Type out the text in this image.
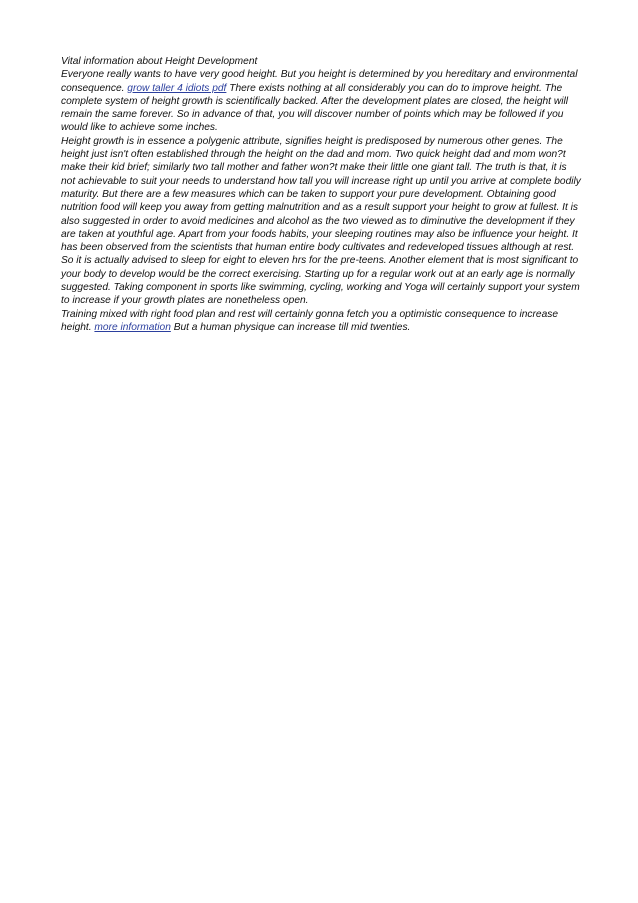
Vital information about Height Development

Everyone really wants to have very good height. But you height is determined by you hereditary and environmental consequence. grow taller 4 idiots pdf There exists nothing at all considerably you can do to improve height. The complete system of height growth is scientifically backed. After the development plates are closed, the height will remain the same forever. So in advance of that, you will discover number of points which may be followed if you would like to achieve some inches.

Height growth is in essence a polygenic attribute, signifies height is predisposed by numerous other genes. The height just isn't often established through the height on the dad and mom. Two quick height dad and mom won?t make their kid brief; similarly two tall mother and father won?t make their little one giant tall. The truth is that, it is not achievable to suit your needs to understand how tall you will increase right up until you arrive at complete bodily maturity. But there are a few measures which can be taken to support your pure development. Obtaining good nutrition food will keep you away from getting malnutrition and as a result support your height to grow at fullest. It is also suggested in order to avoid medicines and alcohol as the two viewed as to diminutive the development if they are taken at youthful age. Apart from your foods habits, your sleeping routines may also be influence your height. It has been observed from the scientists that human entire body cultivates and redeveloped tissues although at rest. So it is actually advised to sleep for eight to eleven hrs for the pre-teens. Another element that is most significant to your body to develop would be the correct exercising. Starting up for a regular work out at an early age is normally suggested. Taking component in sports like swimming, cycling, working and Yoga will certainly support your system to increase if your growth plates are nonetheless open.

Training mixed with right food plan and rest will certainly gonna fetch you a optimistic consequence to increase height. more information But a human physique can increase till mid twenties.
